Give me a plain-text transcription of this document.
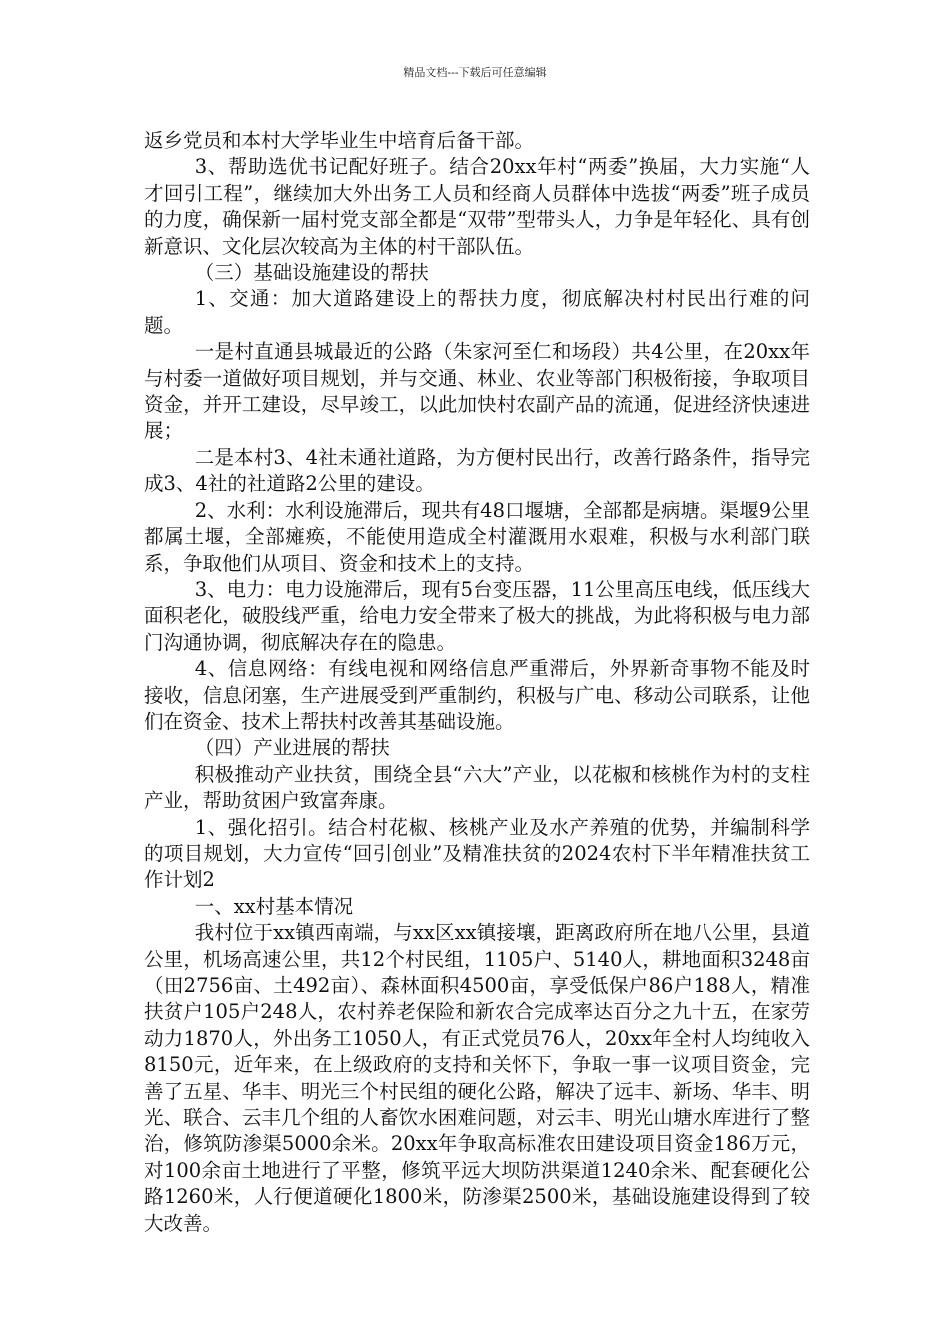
精品文档---下载后可任意编辑

返乡党员和本村大学毕业生中培育后备干部。

3、帮助选优书记配好班子。结合20xx年村“两委”换届，大力实施“人才回引工程”，继续加大外出务工人员和经商人员群体中选拔“两委”班子成员的力度，确保新一届村党支部全都是“双带”型带头人，力争是年轻化、具有创新意识、文化层次较高为主体的村干部队伍。

（三）基础设施建设的帮扶

1、交通：加大道路建设上的帮扶力度，彻底解决村村民出行难的问题。

一是村直通县城最近的公路（朱家河至仁和场段）共4公里，在20xx年与村委一道做好项目规划，并与交通、林业、农业等部门积极衔接，争取项目资金，并开工建设，尽早竣工，以此加快村农副产品的流通，促进经济快速进展；

二是本村3、4社未通社道路，为方便村民出行，改善行路条件，指导完成3、4社的社道路2公里的建设。

2、水利：水利设施滞后，现共有48口堰塘，全部都是病塘。渠堰9公里都属土堰，全部瘫痪，不能使用造成全村灌溉用水艰难，积极与水利部门联系，争取他们从项目、资金和技术上的支持。

3、电力：电力设施滞后，现有5台变压器，11公里高压电线，低压线大面积老化，破股线严重，给电力安全带来了极大的挑战，为此将积极与电力部门沟通协调，彻底解决存在的隐患。

4、信息网络：有线电视和网络信息严重滞后，外界新奇事物不能及时接收，信息闭塞，生产进展受到严重制约，积极与广电、移动公司联系，让他们在资金、技术上帮扶村改善其基础设施。

（四）产业进展的帮扶

积极推动产业扶贫，围绕全县“六大”产业，以花椒和核桃作为村的支柱产业，帮助贫困户致富奔康。

1、强化招引。结合村花椒、核桃产业及水产养殖的优势，并编制科学的项目规划，大力宣传“回引创业”及精准扶贫的2024农村下半年精准扶贫工作计划2

一、xx村基本情况

我村位于xx镇西南端，与xx区xx镇接壤，距离政府所在地八公里，县道公里，机场高速公里，共12个村民组，1105户、5140人，耕地面积3248亩（田2756亩、土492亩）、森林面积4500亩，享受低保户86户188人，精准扶贫户105户248人，农村养老保险和新农合完成率达百分之九十五，在家劳动力1870人，外出务工1050人，有正式党员76人，20xx年全村人均纯收入8150元，近年来，在上级政府的支持和关怀下，争取一事一议项目资金，完善了五星、华丰、明光三个村民组的硬化公路，解决了远丰、新场、华丰、明光、联合、云丰几个组的人畜饮水困难问题，对云丰、明光山塘水库进行了整治，修筑防渗渠5000余米。20xx年争取高标准农田建设项目资金186万元，对100余亩土地进行了平整，修筑平远大坝防洪渠道1240余米、配套硬化公路1260米，人行便道硬化1800米，防渗渠2500米，基础设施建设得到了较大改善。
